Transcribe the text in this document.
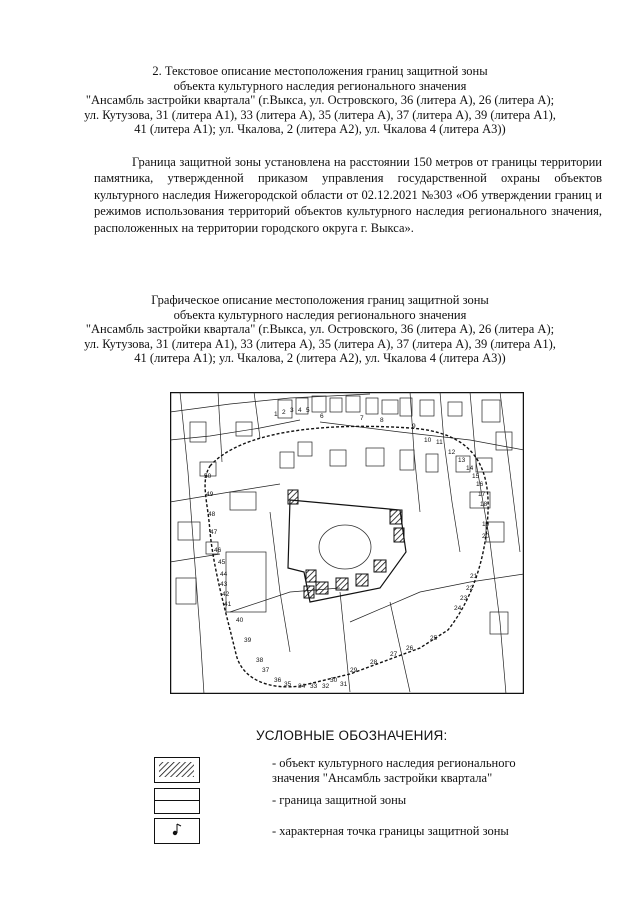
2. Текстовое описание местоположения границ защитной зоны
объекта культурного наследия регионального значения
"Ансамбль застройки квартала" (г.Выкса, ул. Островского, 36 (литера А), 26 (литера А);
ул. Кутузова, 31 (литера А1), 33 (литера А), 35 (литера А), 37 (литера А), 39 (литера А1),
41 (литера А1); ул. Чкалова, 2 (литера А2), ул. Чкалова 4 (литера А3))
Граница защитной зоны установлена на расстоянии 150 метров от границы территории памятника, утвержденной приказом управления государственной охраны объектов культурного наследия Нижегородской области от 02.12.2021 №303 «Об утверждении границ и режимов использования территорий объектов культурного наследия регионального значения, расположенных на территории городского округа г. Выкса».
Графическое описание местоположения границ защитной зоны
объекта культурного наследия регионального значения
"Ансамбль застройки квартала" (г.Выкса, ул. Островского, 36 (литера А), 26 (литера А);
ул. Кутузова, 31 (литера А1), 33 (литера А), 35 (литера А), 37 (литера А), 39 (литера А1),
41 (литера А1); ул. Чкалова, 2 (литера А2), ул. Чкалова 4 (литера А3))
1 2 3 4 5
6	7	8
9
10 11
12
13
14
15
16
17
18
19
20
21
22
23
24
25
26
27
28
29
30
31
32
33
34
35
36
37
38
39
40
41
42
43
44
45
46
47
48
49
50
УСЛОВНЫЕ ОБОЗНАЧЕНИЯ:
- объект культурного наследия регионального
значения "Ансамбль застройки квартала"
- граница защитной зоны
- характерная точка границы защитной зоны
